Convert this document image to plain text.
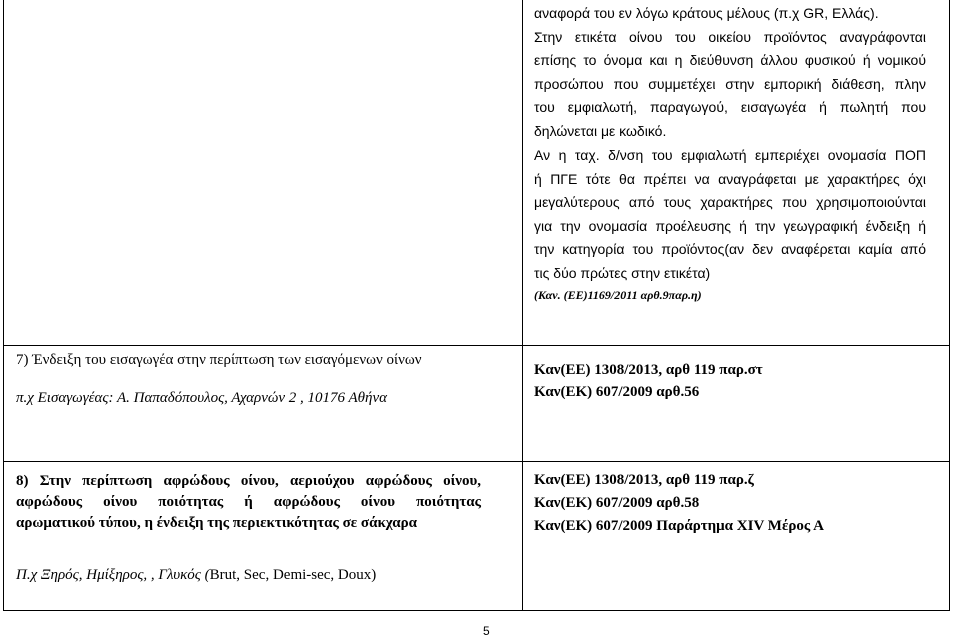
αναφορά του εν λόγω κράτους μέλους (π.χ GR, Ελλάς).
Στην ετικέτα οίνου του οικείου προϊόντος αναγράφονται
επίσης το όνομα και η διεύθυνση άλλου φυσικού ή νομικού
προσώπου που συμμετέχει στην εμπορική διάθεση, πλην
του εμφιαλωτή, παραγωγού, εισαγωγέα ή πωλητή που
δηλώνεται με κωδικό.
Αν η ταχ. δ/νση του εμφιαλωτή εμπεριέχει ονομασία ΠΟΠ
ή ΠΓΕ τότε θα πρέπει να αναγράφεται με χαρακτήρες όχι
μεγαλύτερους από τους χαρακτήρες που χρησιμοποιούνται
για την ονομασία προέλευσης ή την γεωγραφική ένδειξη ή
την κατηγορία του προϊόντος(αν δεν αναφέρεται καμία από
τις δύο πρώτες στην ετικέτα)
(Καν. (ΕΕ)1169/2011 αρθ.9παρ.η)
7) Ένδειξη του εισαγωγέα στην περίπτωση των εισαγόμενων οίνων
π.χ Εισαγωγέας: Α. Παπαδόπουλος, Αχαρνών 2 , 10176 Αθήνα
Καν(ΕΕ) 1308/2013, αρθ 119 παρ.στ
Καν(ΕΚ) 607/2009 αρθ.56
8) Στην περίπτωση αφρώδους οίνου, αεριούχου αφρώδους οίνου,
αφρώδους οίνου ποιότητας ή αφρώδους οίνου ποιότητας
αρωματικού τύπου, η ένδειξη της περιεκτικότητας σε σάκχαρα
Καν(ΕΕ) 1308/2013, αρθ 119 παρ.ζ
Καν(ΕΚ) 607/2009 αρθ.58
Καν(ΕΚ) 607/2009 Παράρτημα XIV Μέρος Α
Π.χ Ξηρός, Ημίξηρος, , Γλυκός (Brut, Sec, Demi-sec, Doux)
5
